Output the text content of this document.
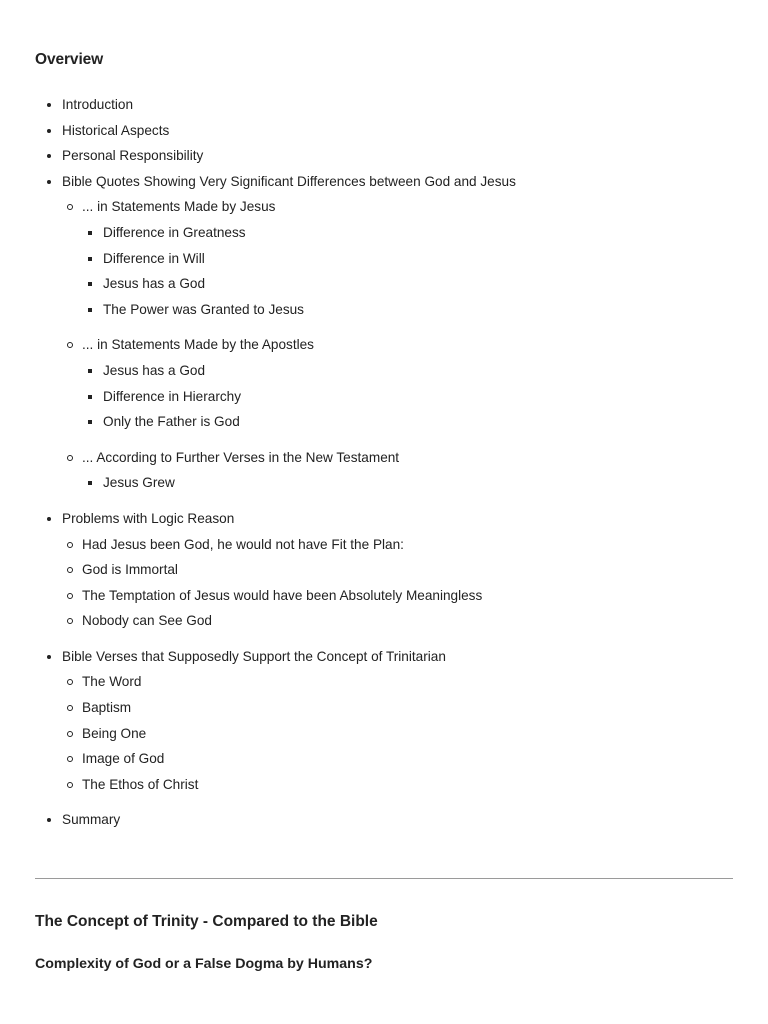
Overview
Introduction
Historical Aspects
Personal Responsibility
Bible Quotes Showing Very Significant Differences between God and Jesus
... in Statements Made by Jesus
Difference in Greatness
Difference in Will
Jesus has a God
The Power was Granted to Jesus
... in Statements Made by the Apostles
Jesus has a God
Difference in Hierarchy
Only the Father is God
... According to Further Verses in the New Testament
Jesus Grew
Problems with Logic Reason
Had Jesus been God, he would not have Fit the Plan:
God is Immortal
The Temptation of Jesus would have been Absolutely Meaningless
Nobody can See God
Bible Verses that Supposedly Support the Concept of Trinitarian
The Word
Baptism
Being One
Image of God
The Ethos of Christ
Summary
The Concept of Trinity - Compared to the Bible
Complexity of God or a False Dogma by Humans?
